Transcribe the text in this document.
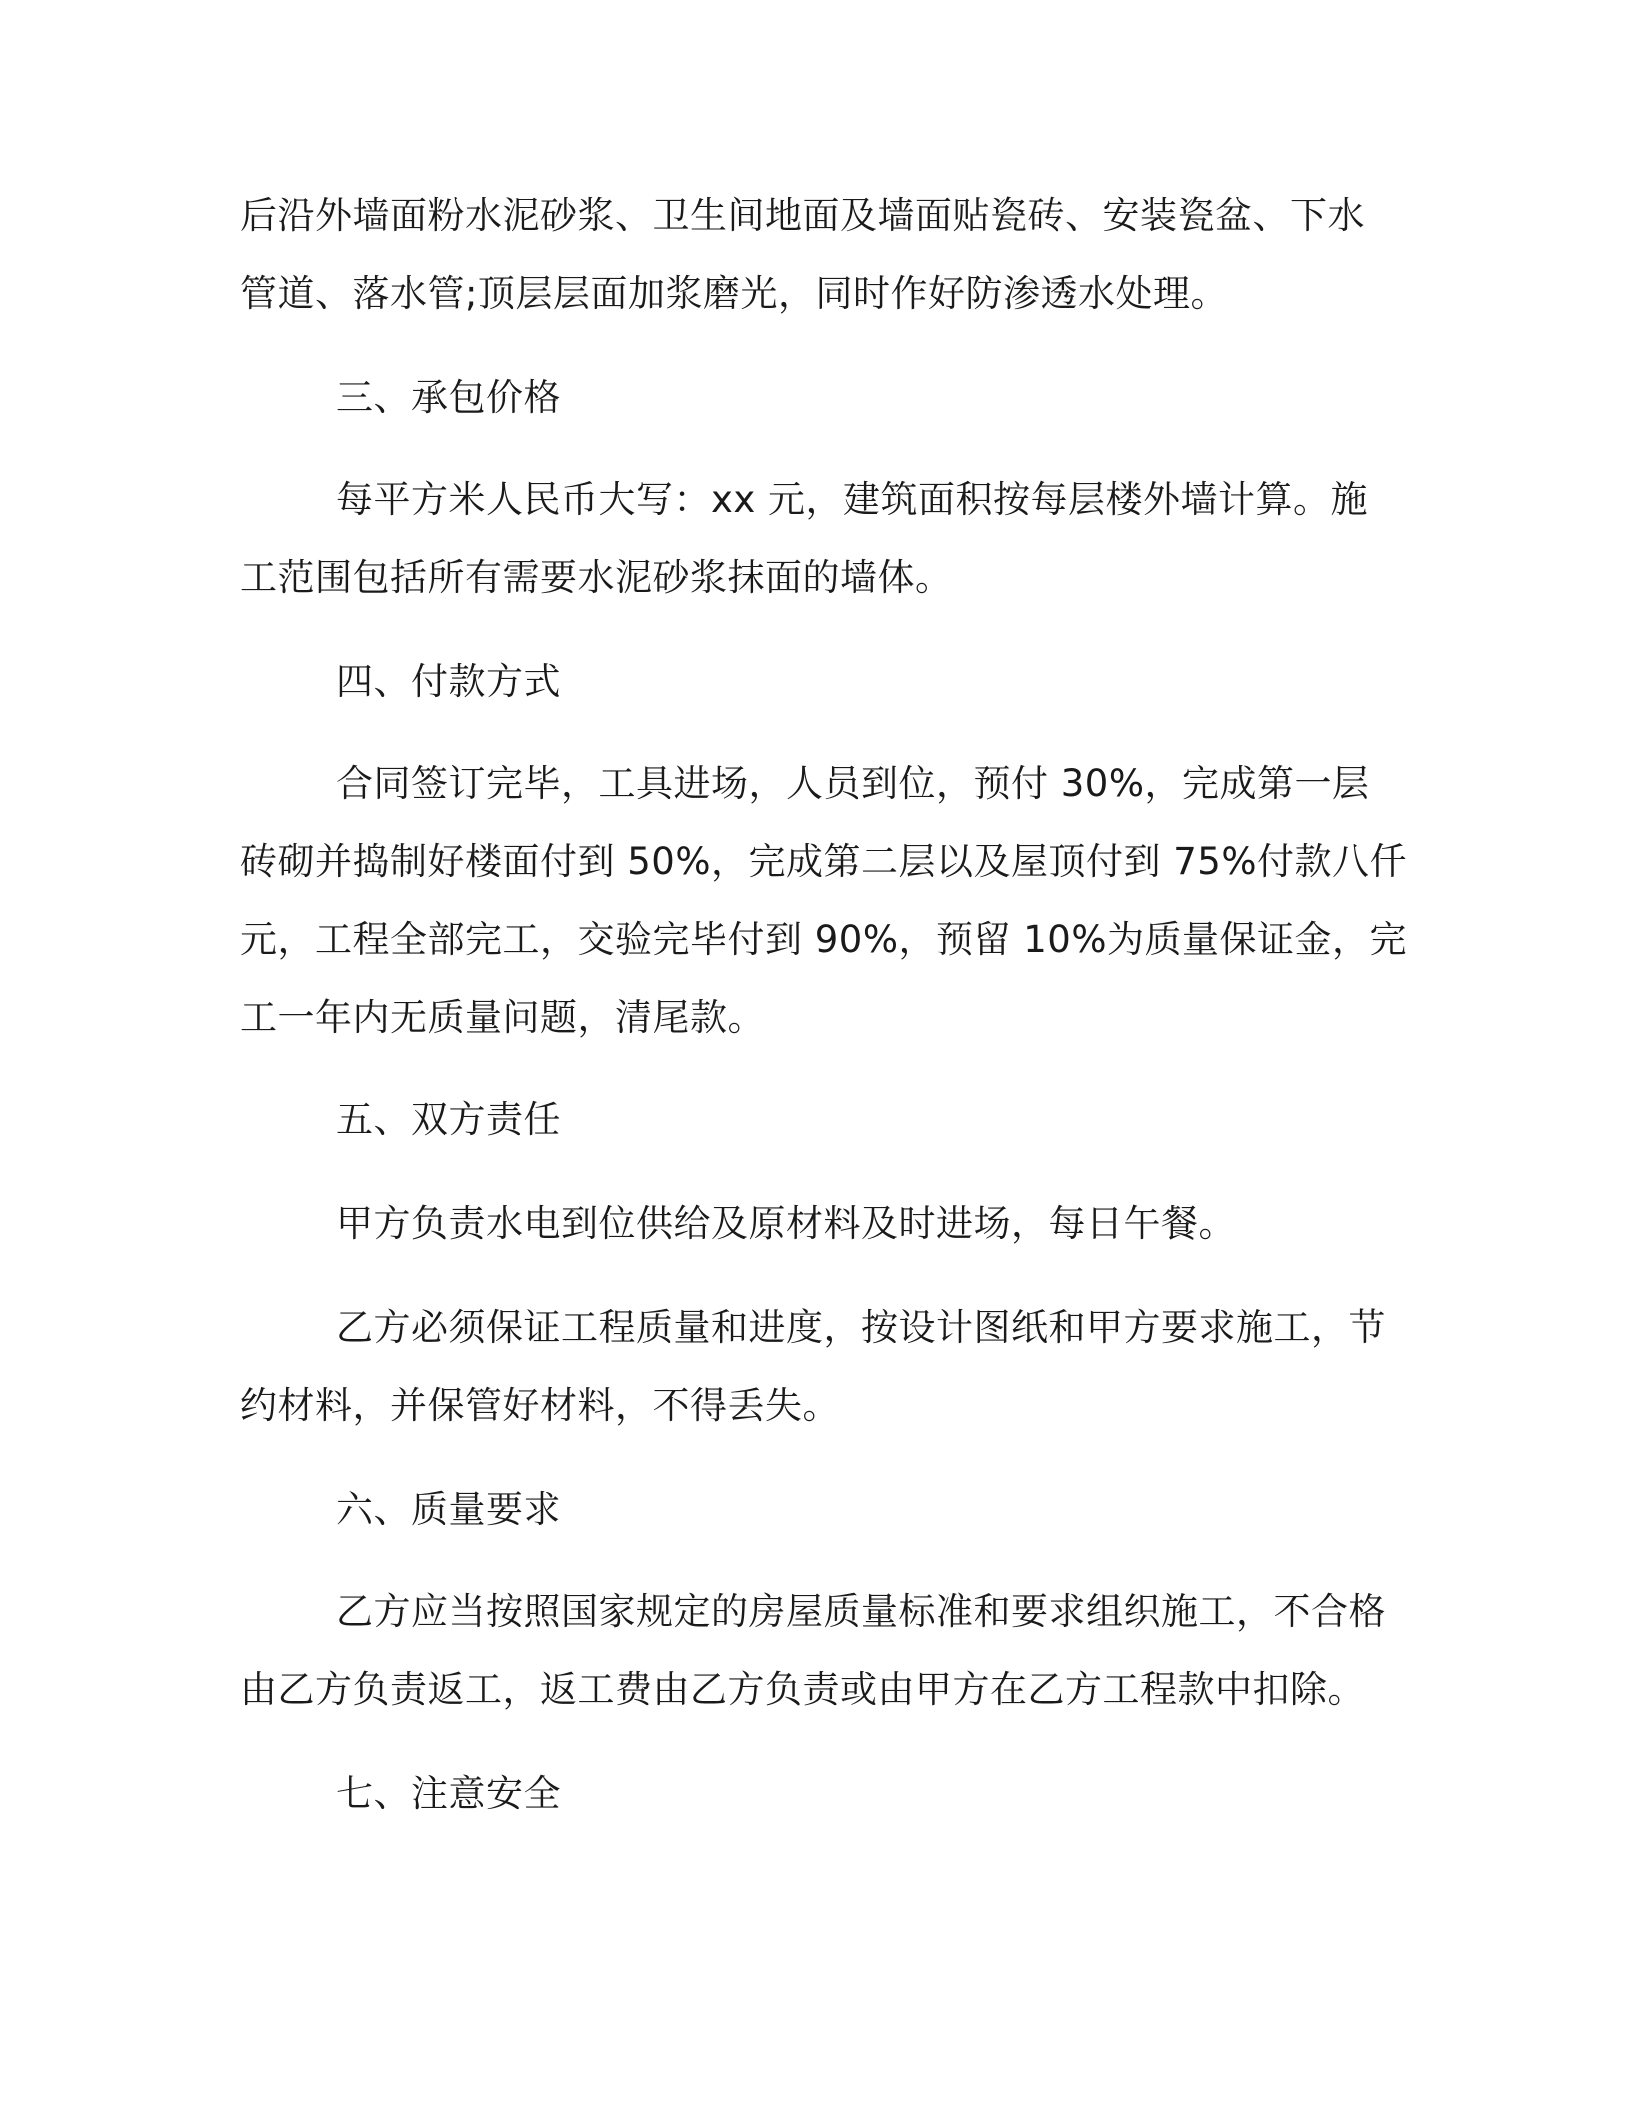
后沿外墙面粉水泥砂浆、卫生间地面及墙面贴瓷砖、安装瓷盆、下水
管道、落水管;顶层层面加浆磨光，同时作好防渗透水处理。
三、承包价格
每平方米人民币大写：xx 元，建筑面积按每层楼外墙计算。施
工范围包括所有需要水泥砂浆抹面的墙体。
四、付款方式
合同签订完毕，工具进场，人员到位，预付 30%，完成第一层
砖砌并捣制好楼面付到 50%，完成第二层以及屋顶付到 75%付款八仟
元，工程全部完工，交验完毕付到 90%，预留 10%为质量保证金，完
工一年内无质量问题，清尾款。
五、双方责任
甲方负责水电到位供给及原材料及时进场，每日午餐。
乙方必须保证工程质量和进度，按设计图纸和甲方要求施工，节
约材料，并保管好材料，不得丢失。
六、质量要求
乙方应当按照国家规定的房屋质量标准和要求组织施工，不合格
由乙方负责返工，返工费由乙方负责或由甲方在乙方工程款中扣除。
七、注意安全
